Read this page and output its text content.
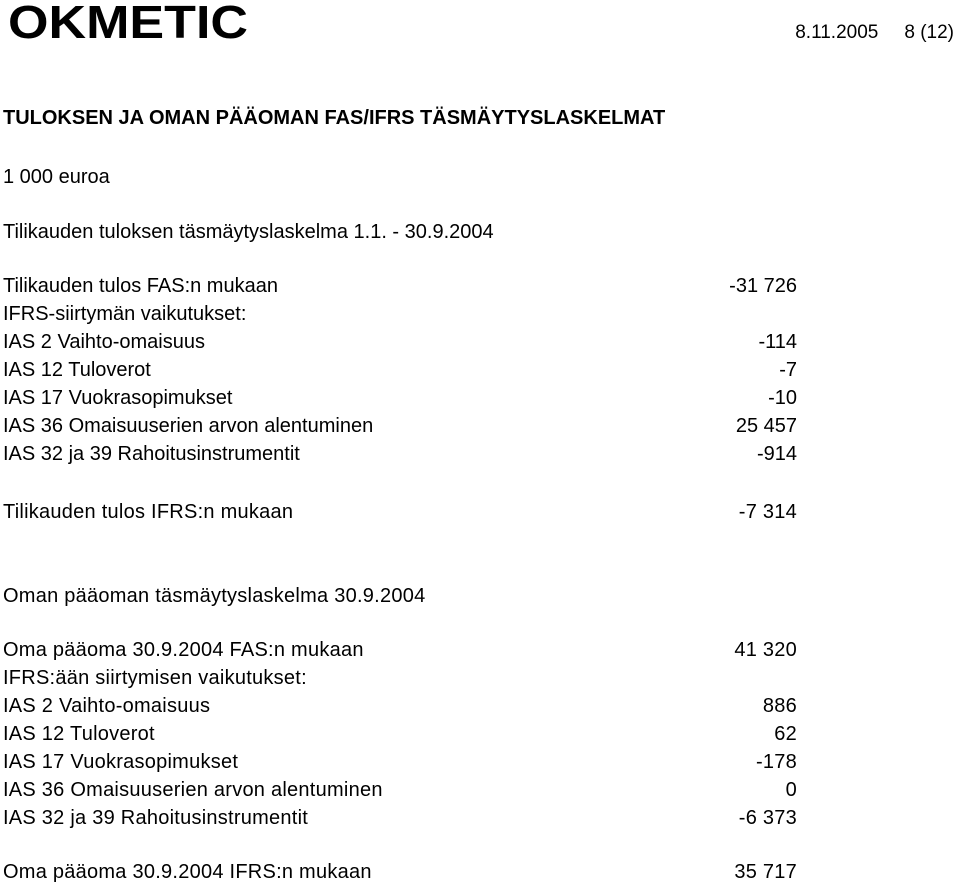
OKMETIC	8.11.2005 8 (12)
TULOKSEN JA OMAN PÄÄOMAN FAS/IFRS TÄSMÄYTYSLASKELMAT
1 000 euroa
Tilikauden tuloksen täsmäytyslaskelma 1.1. - 30.9.2004
Tilikauden tulos FAS:n mukaan	-31 726
IFRS-siirtymän vaikutukset:
IAS 2 Vaihto-omaisuus	-114
IAS 12 Tuloverot	-7
IAS 17 Vuokrasopimukset	-10
IAS 36 Omaisuuserien arvon alentuminen	25 457
IAS 32 ja 39 Rahoitusinstrumentit	-914
Tilikauden tulos IFRS:n mukaan	-7 314
Oman pääoman täsmäytyslaskelma 30.9.2004
Oma pääoma 30.9.2004 FAS:n mukaan	41 320
IFRS:ään siirtymisen vaikutukset:
IAS 2 Vaihto-omaisuus	886
IAS 12 Tuloverot	62
IAS 17 Vuokrasopimukset	-178
IAS 36 Omaisuuserien arvon alentuminen	0
IAS 32 ja 39 Rahoitusinstrumentit	-6 373
Oma pääoma 30.9.2004 IFRS:n mukaan	35 717
